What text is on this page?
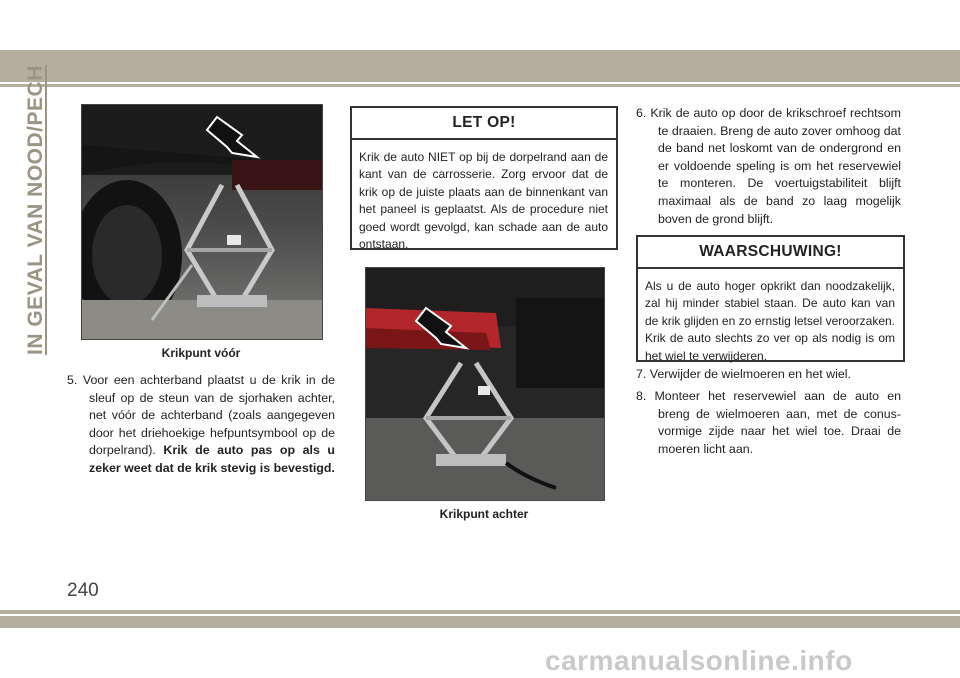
IN GEVAL VAN NOOD/PECH	Krikpunt vóór

5. Voor een achterband plaatst u de krik in de sleuf op de steun van de sjorhaken achter, net vóór de achterband (zoals aangegeven door het driehoekige hefpuntsymbool op de dorpelrand). Krik de auto pas op als u zeker weet dat de krik stevig is bevestigd.

LET OP!
Krik de auto NIET op bij de dorpelrand aan de kant van de carrosserie. Zorg ervoor dat de krik op de juiste plaats aan de binnenkant van het paneel is geplaatst. Als de procedure niet goed wordt gevolgd, kan schade aan de auto ontstaan.
Krikpunt achter

6. Krik de auto op door de krikschroef rechtsom te draaien. Breng de auto zover omhoog dat de band net loskomt van de ondergrond en er voldoende speling is om het reservewiel te monteren. De voertuigstabiliteit blijft maximaal als de band zo laag mogelijk boven de grond blijft.

WAARSCHUWING!
Als u de auto hoger opkrikt dan noodzakelijk, zal hij minder stabiel staan. De auto kan van de krik glijden en zo ernstig letsel veroorzaken. Krik de auto slechts zo ver op als nodig is om het wiel te verwijderen.

7. Verwijder de wielmoeren en het wiel.

8. Monteer het reservewiel aan de auto en breng de wielmoeren aan, met de conusvormige zijde naar het wiel toe. Draai de moeren licht aan.

240
carmanualsonline.info
